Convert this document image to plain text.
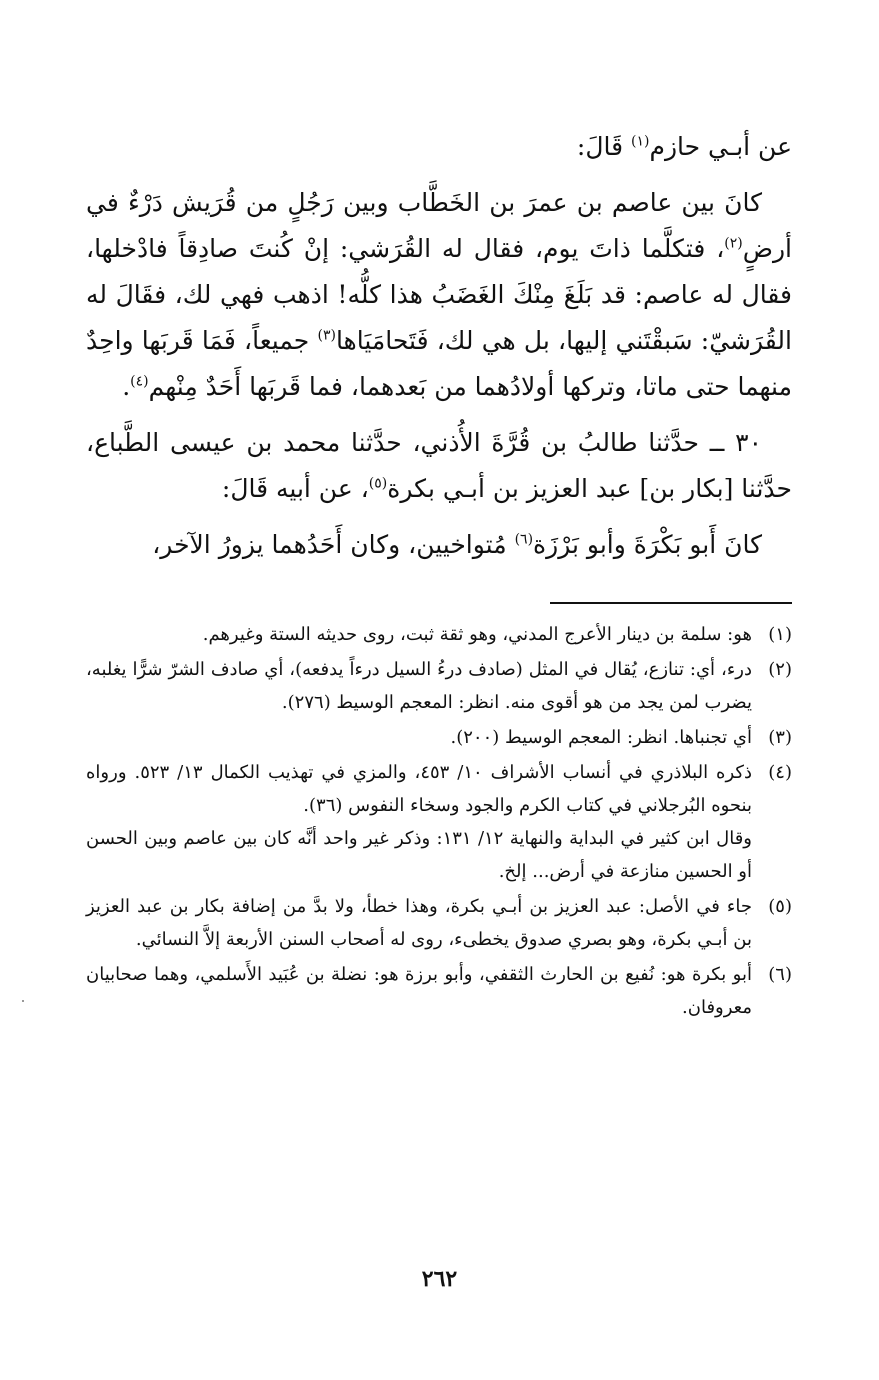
عن أبـي حازم$^{(١)}$ قَالَ:

كانَ بين عاصم بن عمرَ بن الخَطَّاب وبين رَجُلٍ من قُرَيش دَرْءٌ في أرضٍ$^{(٢)}$، فتكلَّما ذاتَ يوم، فقال له القُرَشي: إنْ كُنتَ صادِقاً فادْخلها، فقال له عاصم: قد بَلَغَ مِنْكَ الغَضَبُ هذا كلُّه! اذهب فهي لك، فقَالَ له القُرَشيّ: سَبقْتَني إليها، بل هي لك، فَتَحامَيَاها$^{(٣)}$ جميعاً، فَمَا قَربَها واحِدٌ منهما حتى ماتا، وتركها أولادُهما من بَعدهما، فما قَربَها أَحَدٌ مِنْهم$^{(٤)}$.

٣٠ ــ حدَّثنا طالبُ بن قُرَّةَ الأُذني، حدَّثنا محمد بن عيسى الطَّباع، حدَّثنا [بكار بن] عبد العزيز بن أبـي بكرة$^{(٥)}$، عن أبيه قَالَ:

كانَ أَبو بَكْرَةَ وأبو بَرْزَة$^{(٦)}$ مُتواخيين، وكان أَحَدُهما يزورُ الآخر،

(١)
هو: سلمة بن دينار الأعرج المدني، وهو ثقة ثبت، روى حديثه الستة وغيرهم.
(٢)
درء، أي: تنازع، يُقال في المثل (صادف درءُ السيل درءاً يدفعه)، أي صادف الشرّ شرًّا يغلبه، يضرب لمن يجد من هو أقوى منه. انظر: المعجم الوسيط (٢٧٦).
(٣)
أي تجنباها. انظر: المعجم الوسيط (٢٠٠).
(٤)
ذكره البلاذري في أنساب الأشراف ١٠/ ٤٥٣، والمزي في تهذيب الكمال ١٣/ ٥٢٣. ورواه بنحوه البُرجلاني في كتاب الكرم والجود وسخاء النفوس (٣٦).
وقال ابن كثير في البداية والنهاية ١٢/ ١٣١: وذكر غير واحد أنَّه كان بين عاصم وبين الحسن أو الحسين منازعة في أرض... إلخ.
(٥)
جاء في الأصل: عبد العزيز بن أبـي بكرة، وهذا خطأ، ولا بدَّ من إضافة بكار بن عبد العزيز بن أبـي بكرة، وهو بصري صدوق يخطىء، روى له أصحاب السنن الأربعة إلاَّ النسائي.
(٦)
أبو بكرة هو: نُفيع بن الحارث الثقفي، وأبو برزة هو: نضلة بن عُبَيد الأَسلمي، وهما صحابيان معروفان.
٢٦٢
